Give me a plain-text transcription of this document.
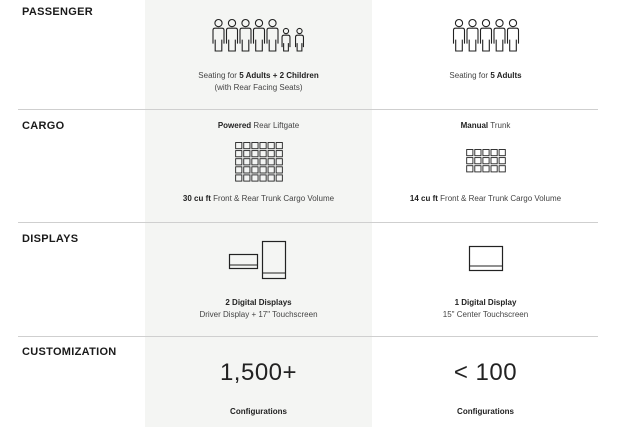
PASSENGER
Seating for 5 Adults + 2 Children
(with Rear Facing Seats)
Seating for 5 Adults
CARGO	Powered Rear Liftgate
30 cu ft Front & Rear Trunk Cargo Volume
Manual Trunk
14 cu ft Front & Rear Trunk Cargo Volume
DISPLAYS
2 Digital Displays
Driver Display + 17" Touchscreen
1 Digital Display
15" Center Touchscreen
CUSTOMIZATION
1,500+
Configurations
< 100
Configurations
